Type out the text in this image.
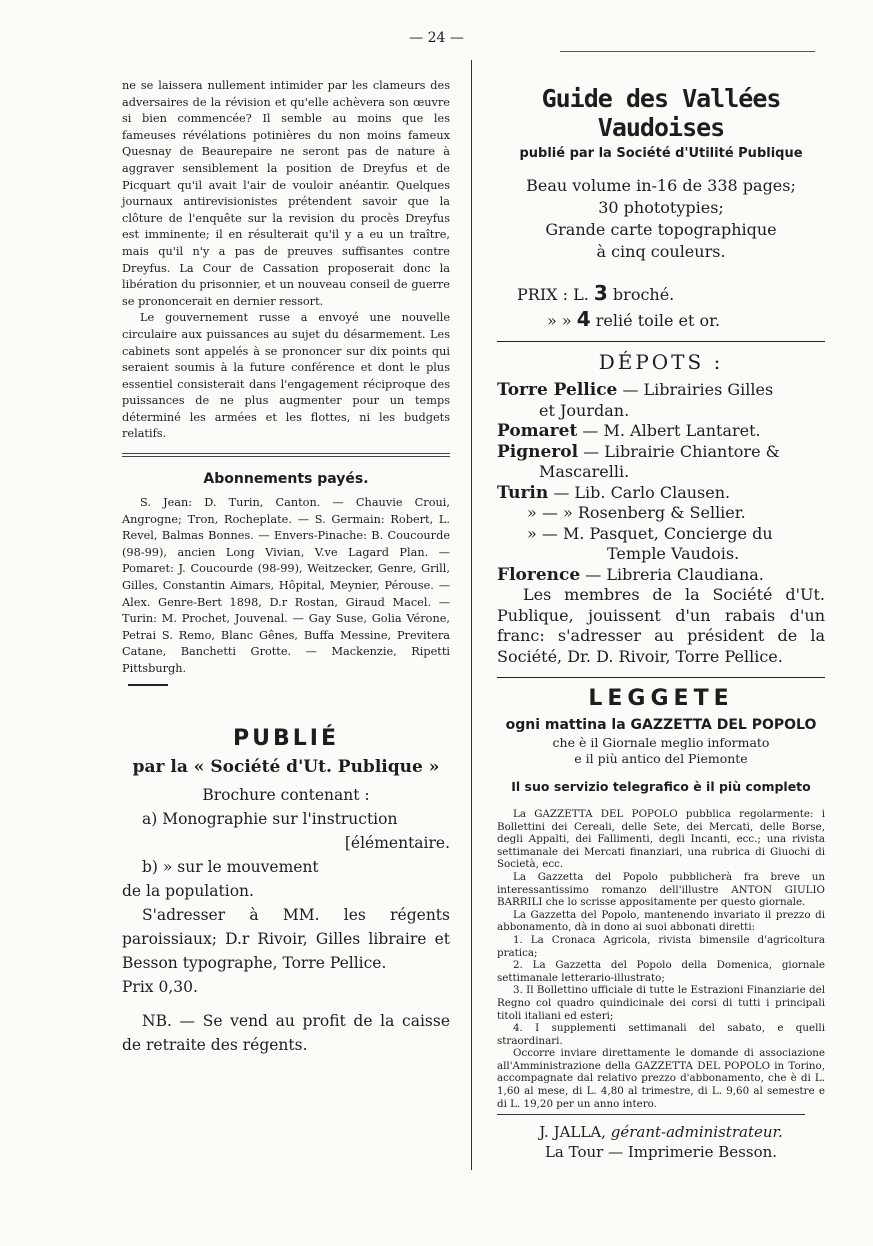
— 24 —

ne se laissera nullement intimider par les clameurs des adversaires de la révision et qu'elle achèvera son œuvre si bien commencée? Il semble au moins que les fameuses révélations potinières du non moins fameux Quesnay de Beaurepaire ne seront pas de nature à aggraver sensiblement la position de Dreyfus et de Picquart qu'il avait l'air de vouloir anéantir. Quelques journaux antirevisionistes prétendent savoir que la clôture de l'enquête sur la revision du procès Dreyfus est imminente; il en résulterait qu'il y a eu un traître, mais qu'il n'y a pas de preuves suffisantes contre Dreyfus. La Cour de Cassation proposerait donc la libération du prisonnier, et un nouveau conseil de guerre se prononcerait en dernier ressort.

Le gouvernement russe a envoyé une nouvelle circulaire aux puissances au sujet du désarmement. Les cabinets sont appelés à se prononcer sur dix points qui seraient soumis à la future conférence et dont le plus essentiel consisterait dans l'engagement réciproque des puissances de ne plus augmenter pour un temps déterminé les armées et les flottes, ni les budgets relatifs.

Abonnements payés.

S. Jean: D. Turin, Canton. — Chauvie Croui, Angrogne; Tron, Rocheplate. — S. Germain: Robert, L. Revel, Balmas Bonnes. — Envers-Pinache: B. Coucourde (98-99), ancien Long Vivian, V.ve Lagard Plan. — Pomaret: J. Coucourde (98-99), Weitzecker, Genre, Grill, Gilles, Constantin Aimars, Hôpital, Meynier, Pérouse. — Alex. Genre-Bert 1898, D.r Rostan, Giraud Macel. — Turin: M. Prochet, Jouvenal. — Gay Suse, Golia Vérone, Petrai S. Remo, Blanc Gênes, Buffa Messine, Previtera Catane, Banchetti Grotte. — Mackenzie, Ripetti Pittsburgh.

PUBLIÉ
par la « Société d'Ut. Publique »
Brochure contenant :
a) Monographie sur l'instruction
[élémentaire.
b) » sur le mouvement
de la population.
S'adresser à MM. les régents paroissiaux; D.r Rivoir, Gilles libraire et Besson typographe, Torre Pellice.
Prix 0,30.
NB. — Se vend au profit de la caisse de retraite des régents.
Guide des Vallées Vaudoises
publié par la Société d'Utilité Publique

Beau volume in-16 de 338 pages;

30 phototypies;

Grande carte topographique

à cinq couleurs.

PRIX : L. 3 broché.
» » 4 relié toile et or.
DÉPOTS :

Torre Pellice — Librairies Gilles

et Jourdan.

Pomaret — M. Albert Lantaret.

Pignerol — Librairie Chiantore &

Mascarelli.

Turin — Lib. Carlo Clausen.

» — » Rosenberg & Sellier.

» — M. Pasquet, Concierge du

Temple Vaudois.

Florence — Libreria Claudiana.

Les membres de la Société d'Ut. Publique, jouissent d'un rabais d'un franc: s'adresser au président de la Société, Dr. D. Rivoir, Torre Pellice.

LEGGETE
ogni mattina la GAZZETTA DEL POPOLO

che è il Giornale meglio informato

e il più antico del Piemonte

Il suo servizio telegrafico è il più completo

La GAZZETTA DEL POPOLO pubblica regolarmente: i Bollettini dei Cereali, delle Sete, dei Mercati, delle Borse, degli Appalti, dei Fallimenti, degli Incanti, ecc.; una rivista settimanale dei Mercati finanziari, una rubrica di Giuochi di Società, ecc.

La Gazzetta del Popolo pubblicherà fra breve un interessantissimo romanzo dell'illustre ANTON GIULIO BARRILI che lo scrisse appositamente per questo giornale.

La Gazzetta del Popolo, mantenendo invariato il prezzo di abbonamento, dà in dono ai suoi abbonati diretti:

1. La Cronaca Agricola, rivista bimensile d'agricoltura pratica;

2. La Gazzetta del Popolo della Domenica, giornale settimanale letterario-illustrato;

3. Il Bollettino ufficiale di tutte le Estrazioni Finanziarie del Regno col quadro quindicinale dei corsi di tutti i principali titoli italiani ed esteri;

4. I supplementi settimanali del sabato, e quelli straordinari.

Occorre inviare direttamente le domande di associazione all'Amministrazione della GAZZETTA DEL POPOLO in Torino, accompagnate dal relativo prezzo d'abbonamento, che è di L. 1,60 al mese, di L. 4,80 al trimestre, di L. 9,60 al semestre e di L. 19,20 per un anno intero.

J. JALLA, gérant-administrateur.
La Tour — Imprimerie Besson.
